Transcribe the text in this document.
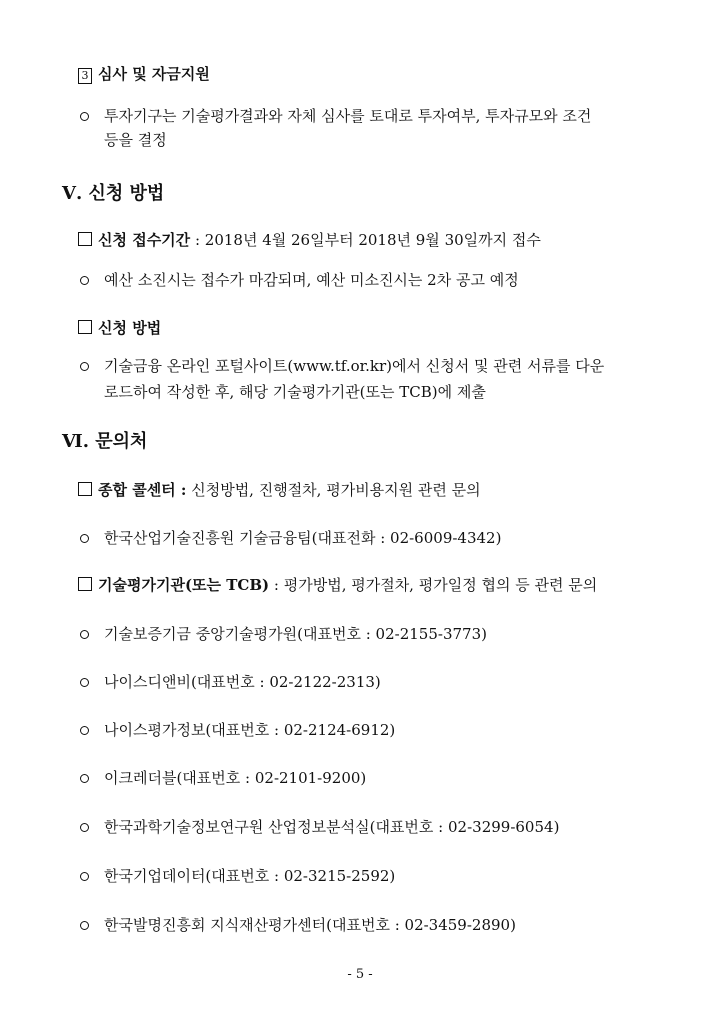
3 심사 및 자금지원
투자기구는 기술평가결과와 자체 심사를 토대로 투자여부, 투자규모와 조건
등을 결정
Ⅴ. 신청 방법
신청 접수기간 : 2018년 4월 26일부터 2018년 9월 30일까지 접수
예산 소진시는 접수가 마감되며, 예산 미소진시는 2차 공고 예정
신청 방법
기술금융 온라인 포털사이트(www.tf.or.kr)에서 신청서 및 관련 서류를 다운
로드하여 작성한 후, 해당 기술평가기관(또는 TCB)에 제출
Ⅵ. 문의처
종합 콜센터 : 신청방법, 진행절차, 평가비용지원 관련 문의
한국산업기술진흥원 기술금융팀(대표전화 : 02-6009-4342)
기술평가기관(또는 TCB) : 평가방법, 평가절차, 평가일정 협의 등 관련 문의
기술보증기금 중앙기술평가원(대표번호 : 02-2155-3773)
나이스디앤비(대표번호 : 02-2122-2313)
나이스평가정보(대표번호 : 02-2124-6912)
이크레더블(대표번호 : 02-2101-9200)
한국과학기술정보연구원 산업정보분석실(대표번호 : 02-3299-6054)
한국기업데이터(대표번호 : 02-3215-2592)
한국발명진흥회 지식재산평가센터(대표번호 : 02-3459-2890)
- 5 -
